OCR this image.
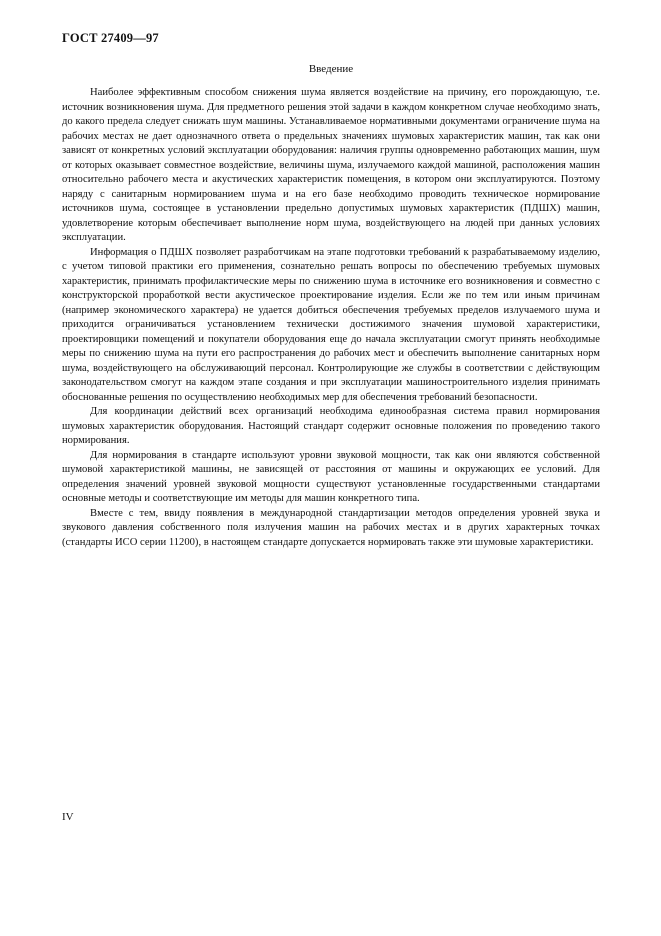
ГОСТ 27409—97
Введение

Наиболее эффективным способом снижения шума является воздействие на причину, его порождающую, т.е. источник возникновения шума. Для предметного решения этой задачи в каждом конкретном случае необходимо знать, до какого предела следует снижать шум машины. Устанавливаемое нормативными документами ограничение шума на рабочих местах не дает однозначного ответа о предельных значениях шумовых характеристик машин, так как они зависят от конкретных условий эксплуатации оборудования: наличия группы одновременно работающих машин, шум от которых оказывает совместное воздействие, величины шума, излучаемого каждой машиной, расположения машин относительно рабочего места и акустических характеристик помещения, в котором они эксплуатируются. Поэтому наряду с санитарным нормированием шума и на его базе необходимо проводить техническое нормирование источников шума, состоящее в установлении предельно допустимых шумовых характеристик (ПДШХ) машин, удовлетворение которым обеспечивает выполнение норм шума, воздействующего на людей при данных условиях эксплуатации.

Информация о ПДШХ позволяет разработчикам на этапе подготовки требований к разрабатываемому изделию, с учетом типовой практики его применения, сознательно решать вопросы по обеспечению требуемых шумовых характеристик, принимать профилактические меры по снижению шума в источнике его возникновения и совместно с конструкторской проработкой вести акустическое проектирование изделия. Если же по тем или иным причинам (например экономического характера) не удается добиться обеспечения требуемых пределов излучаемого шума и приходится ограничиваться установлением технически достижимого значения шумовой характеристики, проектировщики помещений и покупатели оборудования еще до начала эксплуатации смогут принять необходимые меры по снижению шума на пути его распространения до рабочих мест и обеспечить выполнение санитарных норм шума, воздействующего на обслуживающий персонал. Контролирующие же службы в соответствии с действующим законодательством смогут на каждом этапе создания и при эксплуатации машиностроительного изделия принимать обоснованные решения по осуществлению необходимых мер для обеспечения требований безопасности.

Для координации действий всех организаций необходима единообразная система правил нормирования шумовых характеристик оборудования. Настоящий стандарт содержит основные положения по проведению такого нормирования.

Для нормирования в стандарте используют уровни звуковой мощности, так как они являются собственной шумовой характеристикой машины, не зависящей от расстояния от машины и окружающих ее условий. Для определения значений уровней звуковой мощности существуют установленные государственными стандартами основные методы и соответствующие им методы для машин конкретного типа.

Вместе с тем, ввиду появления в международной стандартизации методов определения уровней звука и звукового давления собственного поля излучения машин на рабочих местах и в других характерных точках (стандарты ИСО серии 11200), в настоящем стандарте допускается нормировать также эти шумовые характеристики.

IV
